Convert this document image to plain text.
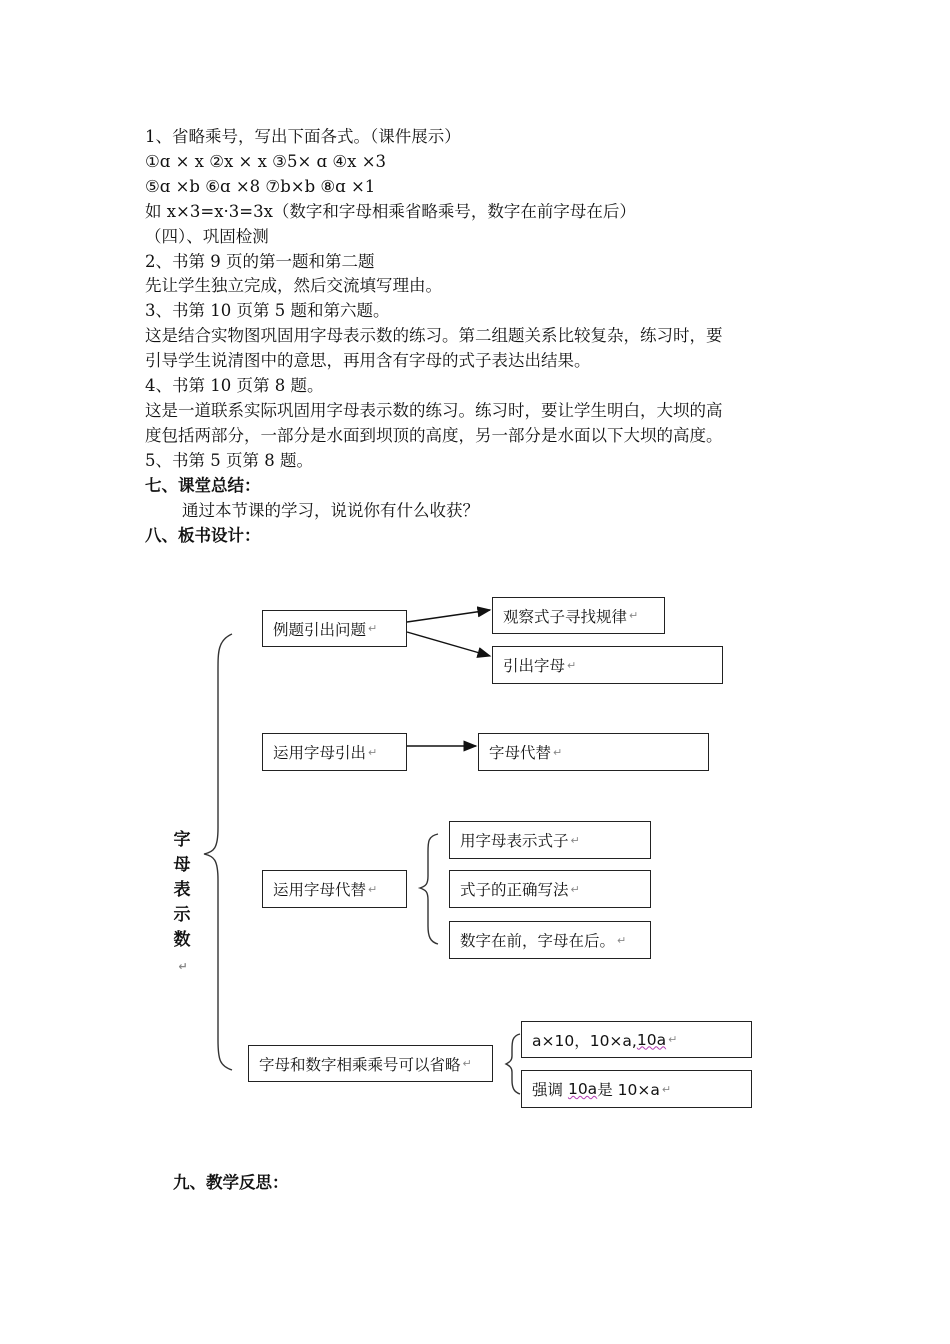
1、省略乘号，写出下面各式。（课件展示）
①ɑ × x ②x × x ③5× ɑ ④x ×3
⑤ɑ ×b ⑥ɑ ×8 ⑦b×b ⑧ɑ ×1
如 x×3=x·3=3x（数字和字母相乘省略乘号，数字在前字母在后）
（四）、巩固检测
2、书第 9 页的第一题和第二题
先让学生独立完成，然后交流填写理由。
3、书第 10 页第 5 题和第六题。
这是结合实物图巩固用字母表示数的练习。第二组题关系比较复杂，练习时，要
引导学生说清图中的意思，再用含有字母的式子表达出结果。
4、书第 10 页第 8 题。
这是一道联系实际巩固用字母表示数的练习。练习时，要让学生明白，大坝的高
度包括两部分，一部分是水面到坝顶的高度，另一部分是水面以下大坝的高度。
5、书第 5 页第 8 题。
七、课堂总结：
通过本节课的学习，说说你有什么收获？
八、板书设计：
字
母
表
示
数↵
例题引出问题 ↵
观察式子寻找规律 ↵
引出字母 ↵
运用字母引出 ↵	字母代替 ↵
运用字母代替 ↵
用字母表示式子 ↵
式子的正确写法 ↵
数字在前，字母在后。 ↵
字母和数字相乘乘号可以省略 ↵
a×10，10×a, 10a ↵
强调
10a 是 10×a ↵
九、教学反思：
